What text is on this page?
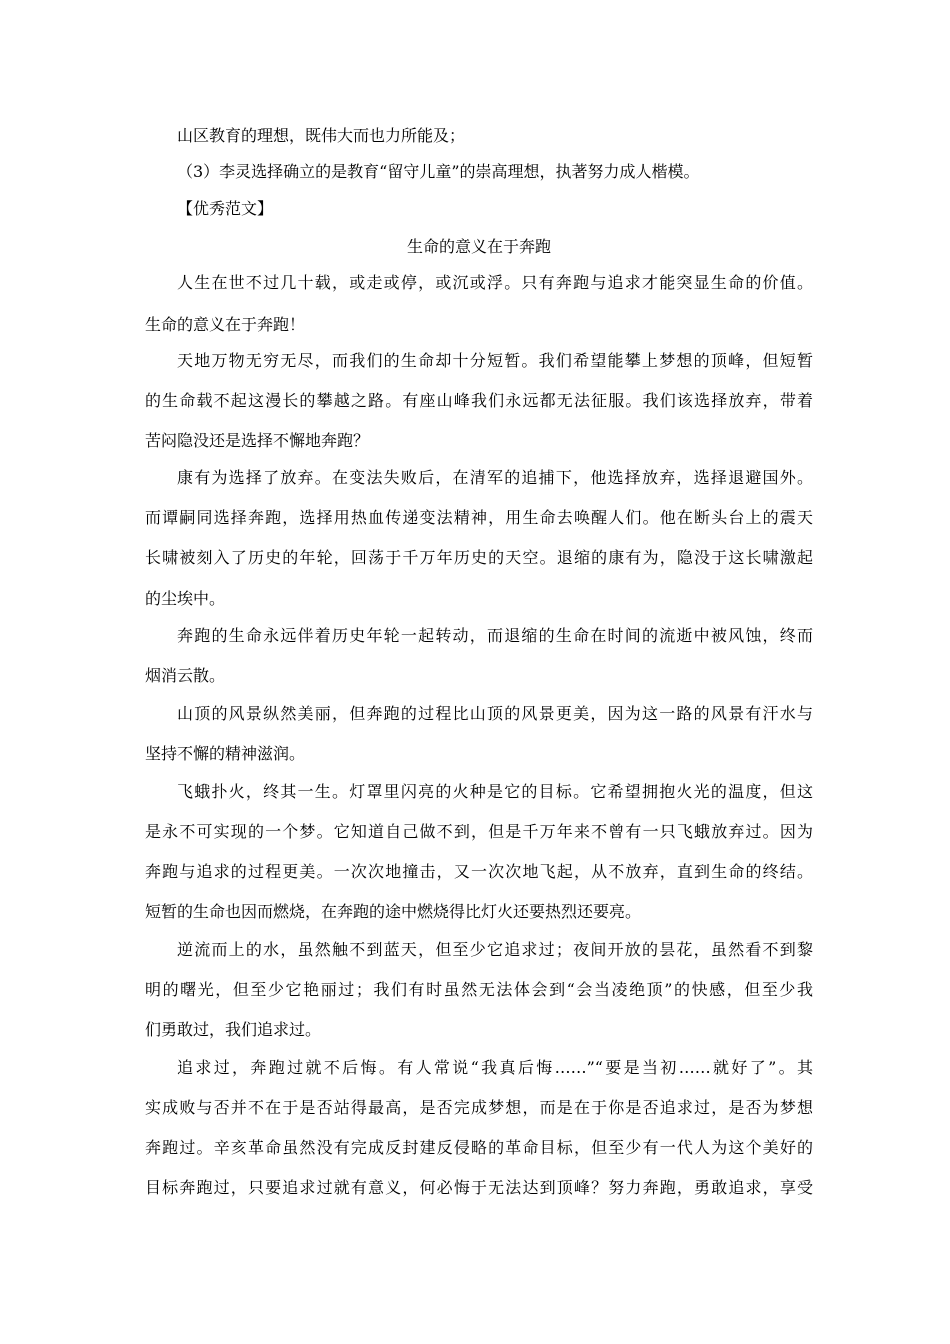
山区教育的理想，既伟大而也力所能及；
（3）李灵选择确立的是教育“留守儿童”的崇高理想，执著努力成人楷模。
【优秀范文】
生命的意义在于奔跑
人生在世不过几十载，或走或停，或沉或浮。只有奔跑与追求才能突显生命的价值。
生命的意义在于奔跑！
天地万物无穷无尽，而我们的生命却十分短暂。我们希望能攀上梦想的顶峰，但短暂
的生命载不起这漫长的攀越之路。有座山峰我们永远都无法征服。我们该选择放弃，带着
苦闷隐没还是选择不懈地奔跑？
康有为选择了放弃。在变法失败后，在清军的追捕下，他选择放弃，选择退避国外。
而谭嗣同选择奔跑，选择用热血传递变法精神，用生命去唤醒人们。他在断头台上的震天
长啸被刻入了历史的年轮，回荡于千万年历史的天空。退缩的康有为，隐没于这长啸激起
的尘埃中。
奔跑的生命永远伴着历史年轮一起转动，而退缩的生命在时间的流逝中被风蚀，终而
烟消云散。
山顶的风景纵然美丽，但奔跑的过程比山顶的风景更美，因为这一路的风景有汗水与
坚持不懈的精神滋润。
飞蛾扑火，终其一生。灯罩里闪亮的火种是它的目标。它希望拥抱火光的温度，但这
是永不可实现的一个梦。它知道自己做不到，但是千万年来不曾有一只飞蛾放弃过。因为
奔跑与追求的过程更美。一次次地撞击，又一次次地飞起，从不放弃，直到生命的终结。
短暂的生命也因而燃烧，在奔跑的途中燃烧得比灯火还要热烈还要亮。
逆流而上的水，虽然触不到蓝天，但至少它追求过；夜间开放的昙花，虽然看不到黎
明的曙光，但至少它艳丽过；我们有时虽然无法体会到“会当凌绝顶”的快感，但至少我
们勇敢过，我们追求过。
追求过，奔跑过就不后悔。有人常说“我真后悔……”“要是当初……就好了”。其
实成败与否并不在于是否站得最高，是否完成梦想，而是在于你是否追求过，是否为梦想
奔跑过。辛亥革命虽然没有完成反封建反侵略的革命目标，但至少有一代人为这个美好的
目标奔跑过，只要追求过就有意义，何必悔于无法达到顶峰？努力奔跑，勇敢追求，享受
